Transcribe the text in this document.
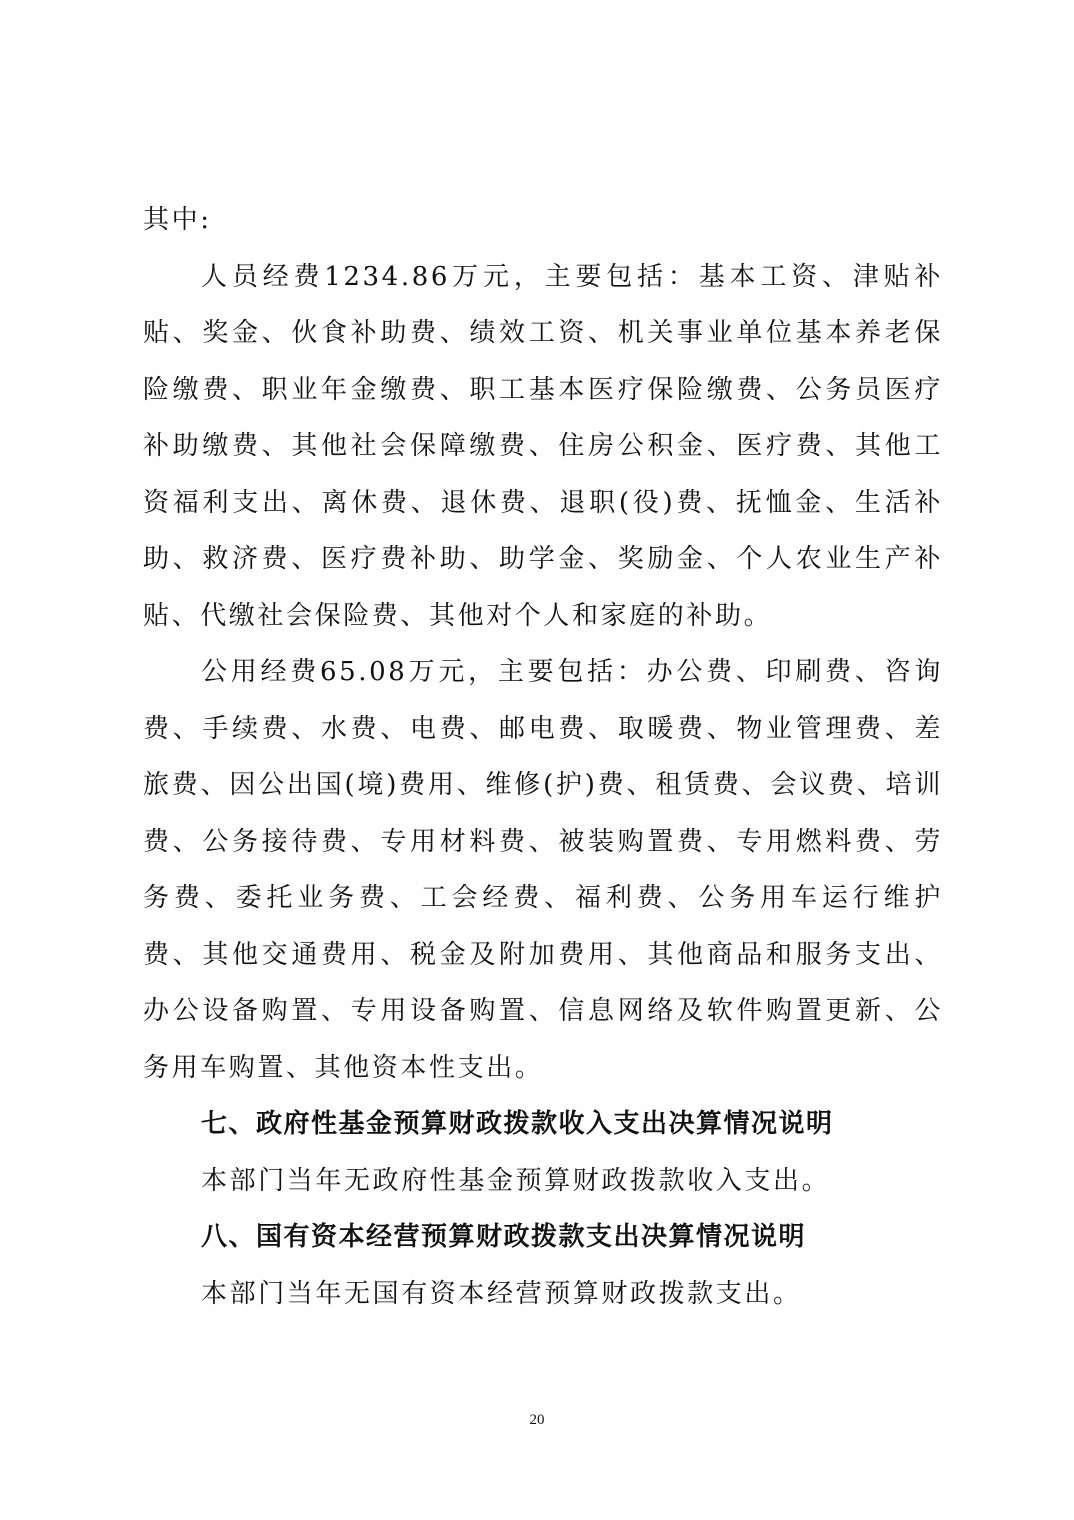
其中:

人员经费1234.86万元，主要包括：基本工资、津贴补贴、奖金、伙食补助费、绩效工资、机关事业单位基本养老保险缴费、职业年金缴费、职工基本医疗保险缴费、公务员医疗补助缴费、其他社会保障缴费、住房公积金、医疗费、其他工资福利支出、离休费、退休费、退职(役)费、抚恤金、生活补助、救济费、医疗费补助、助学金、奖励金、个人农业生产补贴、代缴社会保险费、其他对个人和家庭的补助。

公用经费65.08万元，主要包括：办公费、印刷费、咨询费、手续费、水费、电费、邮电费、取暖费、物业管理费、差旅费、因公出国(境)费用、维修(护)费、租赁费、会议费、培训费、公务接待费、专用材料费、被装购置费、专用燃料费、劳务费、委托业务费、工会经费、福利费、公务用车运行维护费、其他交通费用、税金及附加费用、其他商品和服务支出、办公设备购置、专用设备购置、信息网络及软件购置更新、公务用车购置、其他资本性支出。

七、政府性基金预算财政拨款收入支出决算情况说明

本部门当年无政府性基金预算财政拨款收入支出。

八、国有资本经营预算财政拨款支出决算情况说明

本部门当年无国有资本经营预算财政拨款支出。

20
